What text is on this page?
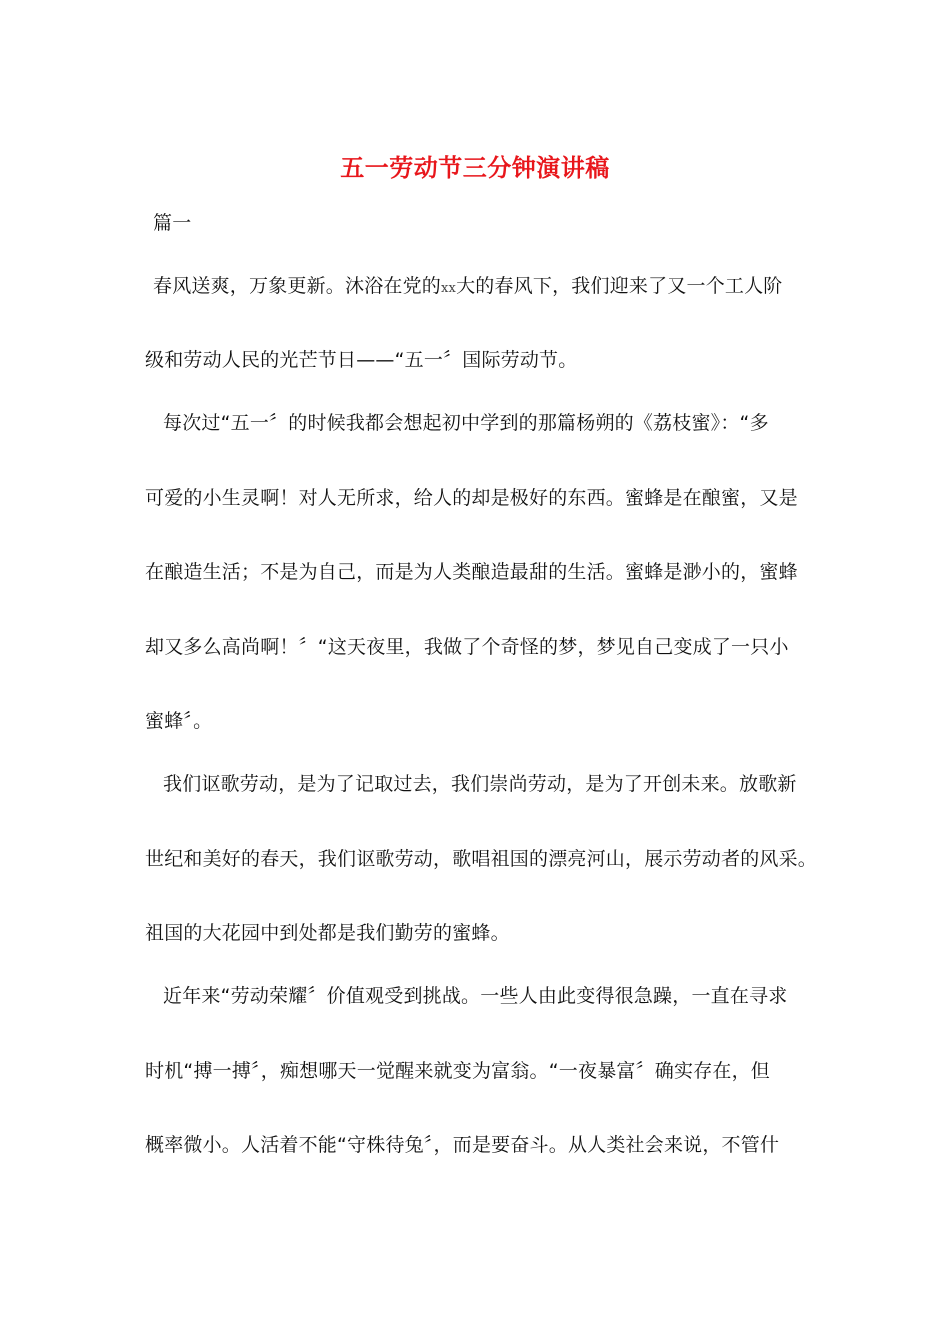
五一劳动节三分钟演讲稿
篇一
春风送爽，万象更新。沐浴在党的xx大的春风下，我们迎来了又一个工人阶
级和劳动人民的光芒节日——“五一〞国际劳动节。
每次过“五一〞的时候我都会想起初中学到的那篇杨朔的《荔枝蜜》：“多
可爱的小生灵啊！对人无所求，给人的却是极好的东西。蜜蜂是在酿蜜，又是
在酿造生活；不是为自己，而是为人类酿造最甜的生活。蜜蜂是渺小的，蜜蜂
却又多么高尚啊！〞“这天夜里，我做了个奇怪的梦，梦见自己变成了一只小
蜜蜂〞。
我们讴歌劳动，是为了记取过去，我们崇尚劳动，是为了开创未来。放歌新
世纪和美好的春天，我们讴歌劳动，歌唱祖国的漂亮河山，展示劳动者的风采。
祖国的大花园中到处都是我们勤劳的蜜蜂。
近年来“劳动荣耀〞价值观受到挑战。一些人由此变得很急躁，一直在寻求
时机“搏一搏〞，痴想哪天一觉醒来就变为富翁。“一夜暴富〞确实存在，但
概率微小。人活着不能“守株待兔〞，而是要奋斗。从人类社会来说，不管什
